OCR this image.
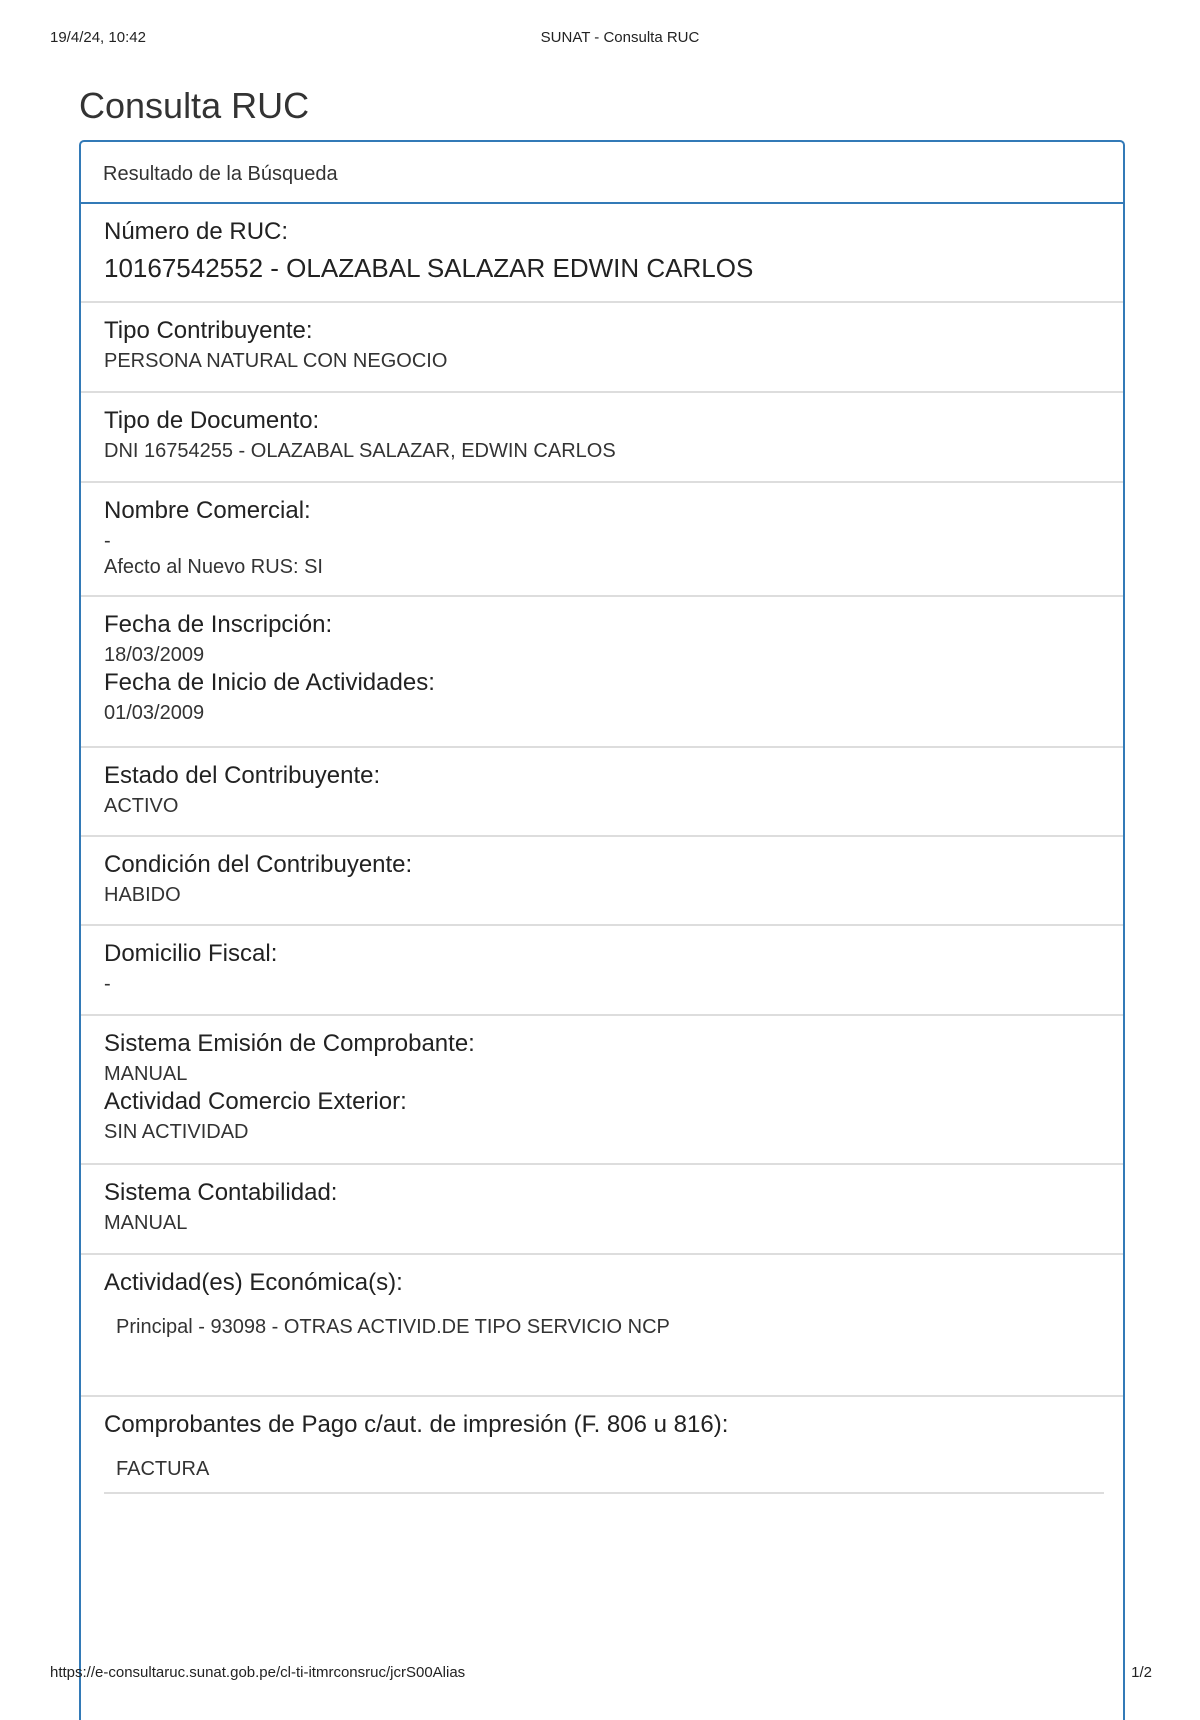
19/4/24, 10:42	SUNAT - Consulta RUC
Consulta RUC
Resultado de la Búsqueda

Número de RUC:

10167542552 - OLAZABAL SALAZAR EDWIN CARLOS

Tipo Contribuyente:

PERSONA NATURAL CON NEGOCIO

Tipo de Documento:

DNI 16754255 - OLAZABAL SALAZAR, EDWIN CARLOS

Nombre Comercial:

-

Afecto al Nuevo RUS: SI

Fecha de Inscripción:

18/03/2009

Fecha de Inicio de Actividades:

01/03/2009

Estado del Contribuyente:

ACTIVO

Condición del Contribuyente:

HABIDO

Domicilio Fiscal:

-

Sistema Emisión de Comprobante:

MANUAL

Actividad Comercio Exterior:

SIN ACTIVIDAD

Sistema Contabilidad:

MANUAL

Actividad(es) Económica(s):

Principal - 93098 - OTRAS ACTIVID.DE TIPO SERVICIO NCP

Comprobantes de Pago c/aut. de impresión (F. 806 u 816):

FACTURA

https://e-consultaruc.sunat.gob.pe/cl-ti-itmrconsruc/jcrS00Alias	1/2
